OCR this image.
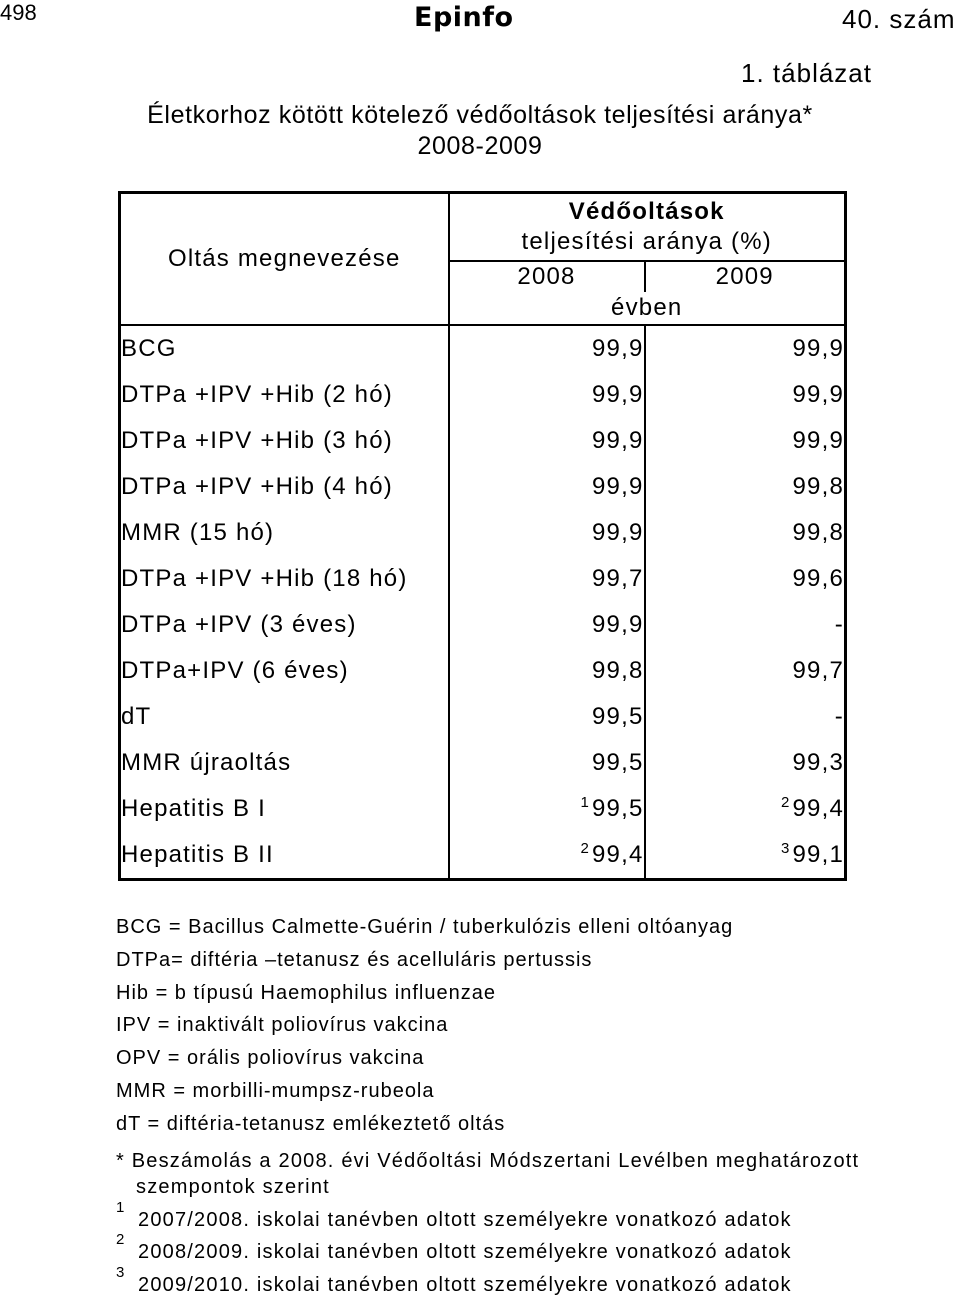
498	Epinfo	40. szám
1. táblázat
Életkorhoz kötött kötelező védőoltások teljesítési aránya*
2008-2009
Oltás megnevezése	Védőoltások
teljesítési aránya (%)	

	2008	2009
	évben	
BCG	99,9	99,9
DTPa +IPV +Hib (2 hó)	99,9	99,9
DTPa +IPV +Hib (3 hó)	99,9	99,9
DTPa +IPV +Hib (4 hó)	99,9	99,8
MMR (15 hó)	99,9	99,8
DTPa +IPV +Hib (18 hó)	99,7	99,6
DTPa +IPV (3 éves)	99,9	-
DTPa+IPV (6 éves)	99,8	99,7
dT	99,5	-
MMR újraoltás	99,5	99,3
Hepatitis B I	$^1$99,5	$^2$99,4
Hepatitis B II	$^2$99,4	$^3$99,1
BCG = Bacillus Calmette-Guérin / tuberkulózis elleni oltóanyag
DTPa= diftéria –tetanusz és acelluláris pertussis
Hib = b típusú Haemophilus influenzae
IPV = inaktivált poliovírus vakcina
OPV = orális poliovírus vakcina
MMR = morbilli-mumpsz-rubeola
dT = diftéria-tetanusz emlékeztető oltás
* Beszámolás a 2008. évi Védőoltási Módszertani Levélben meghatározott
szempontok szerint
1
2007/2008. iskolai tanévben oltott személyekre vonatkozó adatok
2
2008/2009. iskolai tanévben oltott személyekre vonatkozó adatok
3
2009/2010. iskolai tanévben oltott személyekre vonatkozó adatok
